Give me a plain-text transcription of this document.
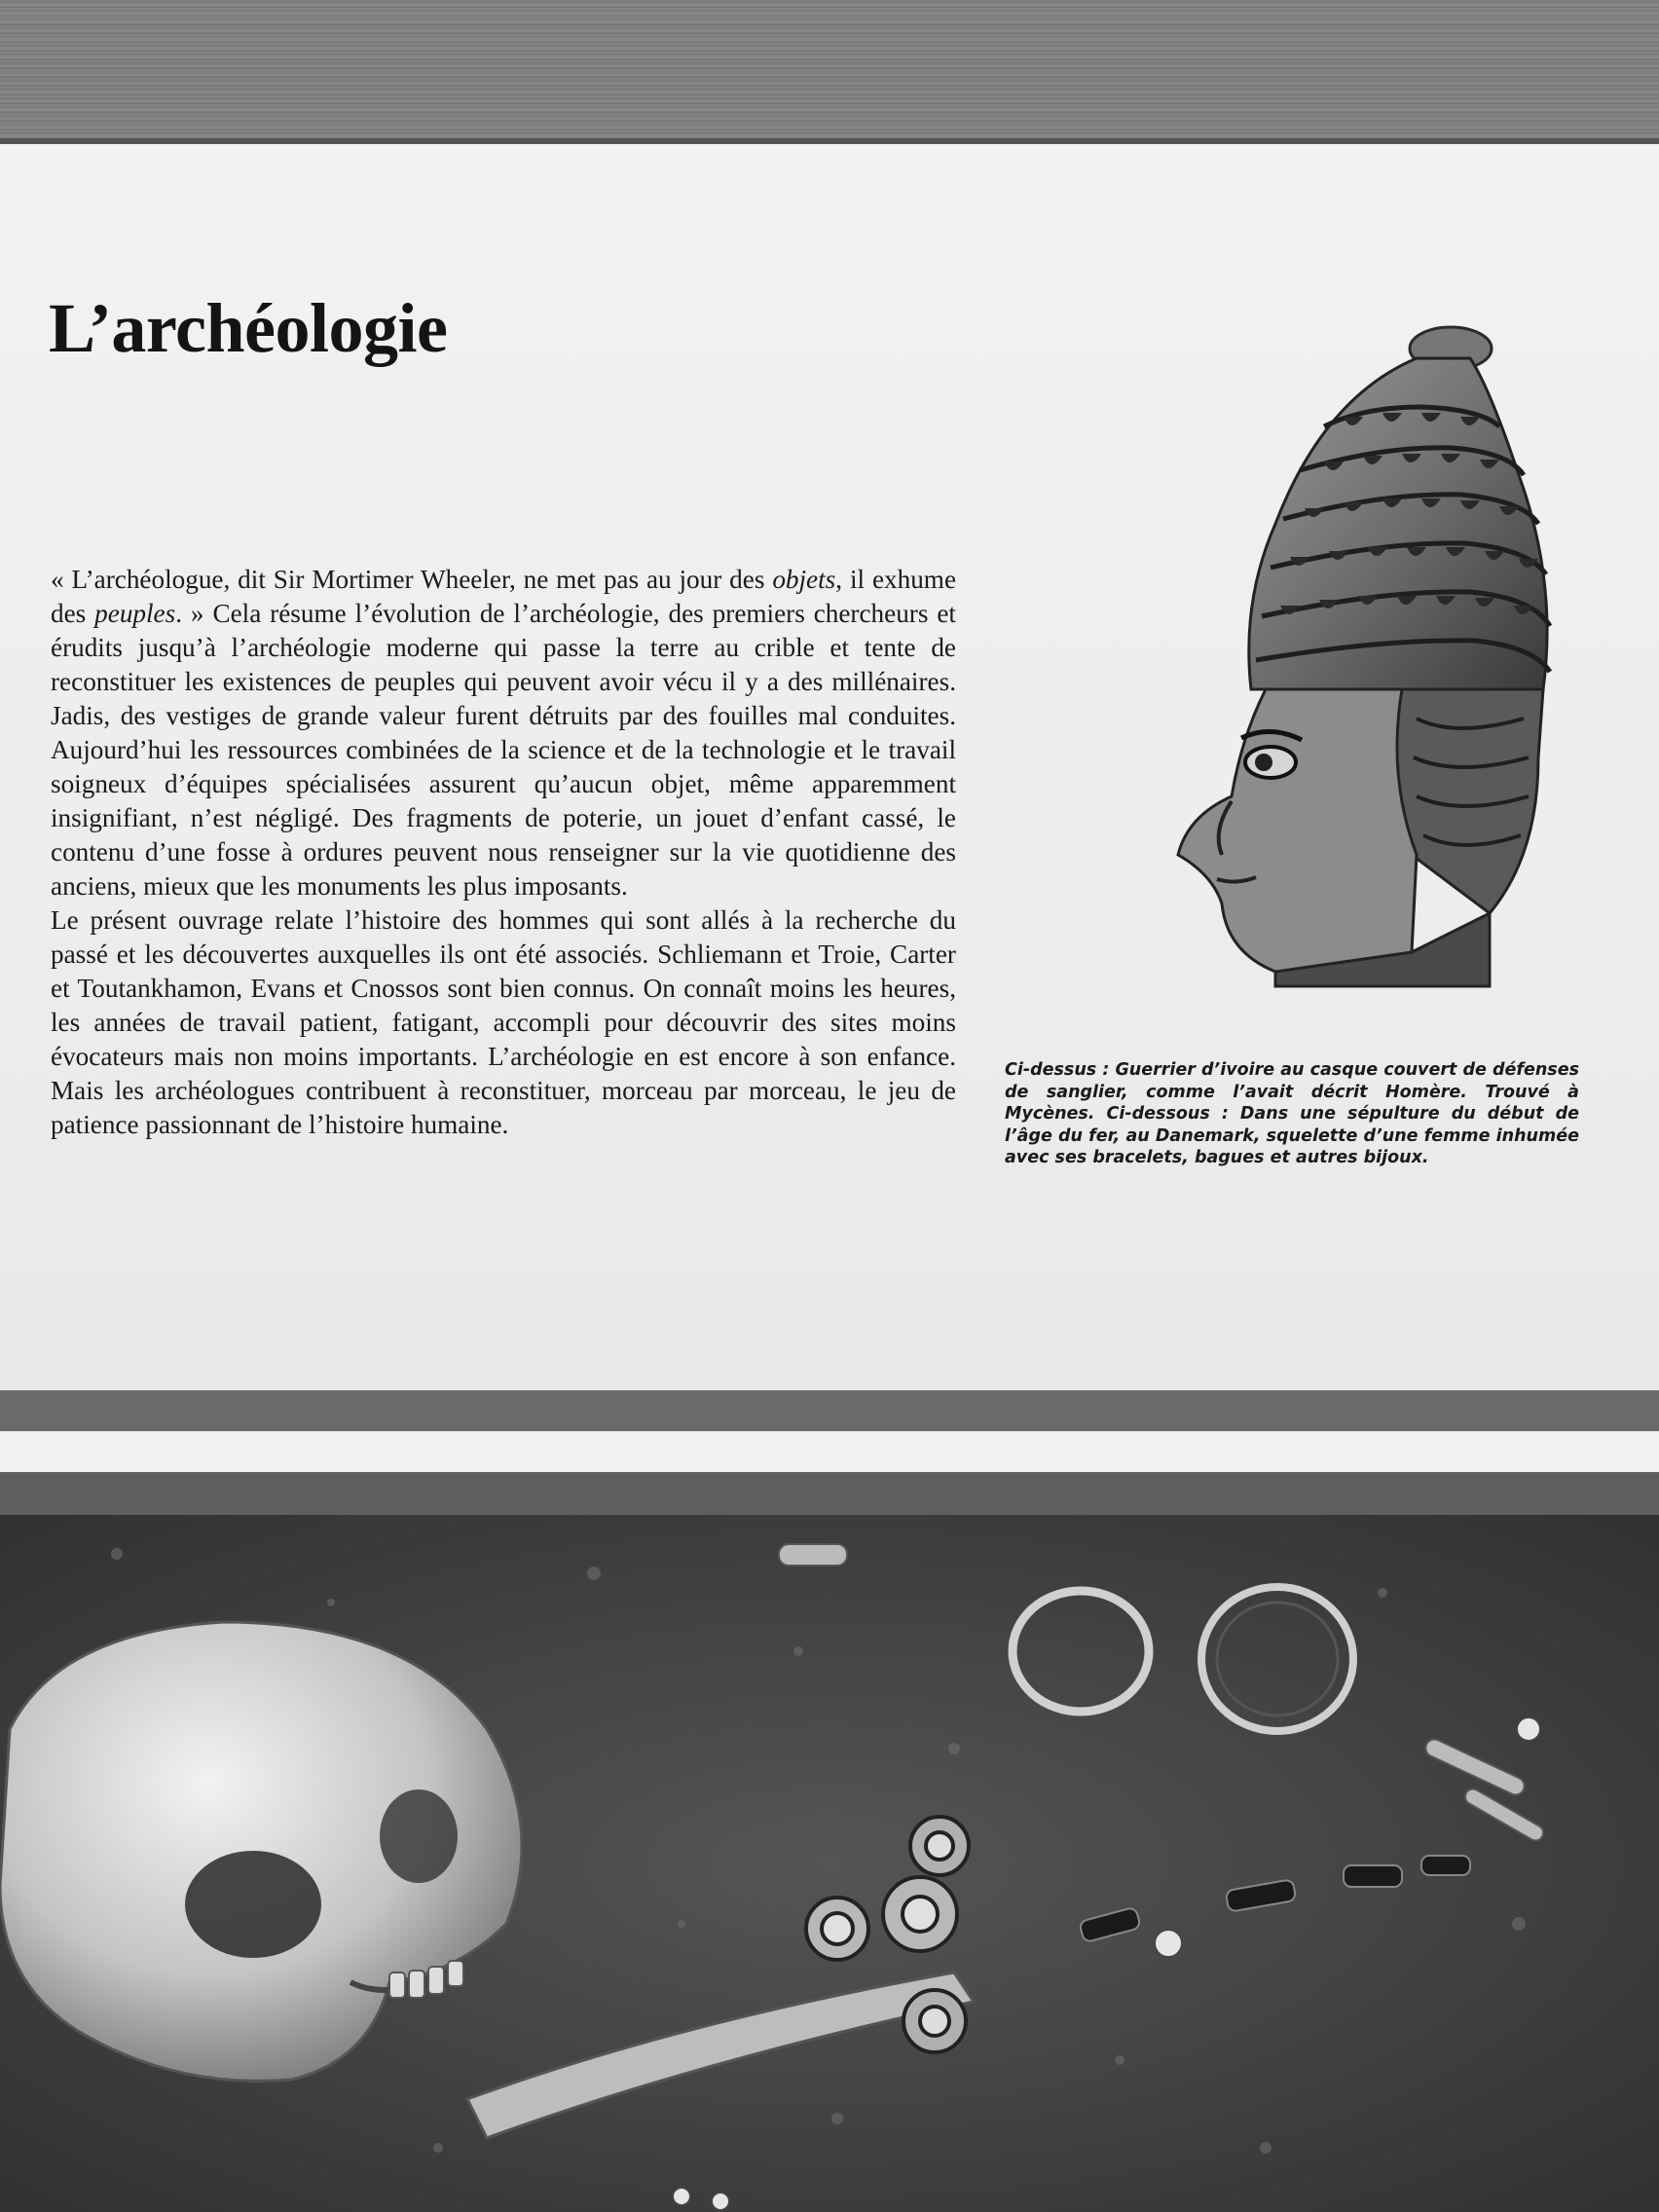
L’archéologie

« L’archéologue, dit Sir Mortimer Wheeler, ne met pas au jour des objets, il exhume des peuples. » Cela résume l’évolution de l’archéologie, des premiers chercheurs et érudits jusqu’à l’archéologie moderne qui passe la terre au crible et tente de reconstituer les existences de peuples qui peuvent avoir vécu il y a des millénaires. Jadis, des vestiges de grande valeur furent détruits par des fouilles mal conduites. Aujourd’hui les ressources combinées de la science et de la technologie et le travail soigneux d’équipes spécialisées assurent qu’aucun objet, même apparemment insignifiant, n’est négligé. Des fragments de poterie, un jouet d’enfant cassé, le contenu d’une fosse à ordures peuvent nous renseigner sur la vie quotidienne des anciens, mieux que les monuments les plus imposants.

Le présent ouvrage relate l’histoire des hommes qui sont allés à la recherche du passé et les découvertes auxquelles ils ont été associés. Schliemann et Troie, Carter et Toutankhamon, Evans et Cnossos sont bien connus. On connaît moins les heures, les années de travail patient, fatigant, accompli pour découvrir des sites moins évocateurs mais non moins importants. L’archéologie en est encore à son enfance. Mais les archéologues contribuent à reconstituer, morceau par morceau, le jeu de patience passionnant de l’histoire humaine.

Ci-dessus : Guerrier d’ivoire au casque couvert de défenses de sanglier, comme l’avait décrit Homère. Trouvé à Mycènes. Ci-dessous : Dans une sépulture du début de l’âge du fer, au Danemark, squelette d’une femme inhumée avec ses bracelets, bagues et autres bijoux.
